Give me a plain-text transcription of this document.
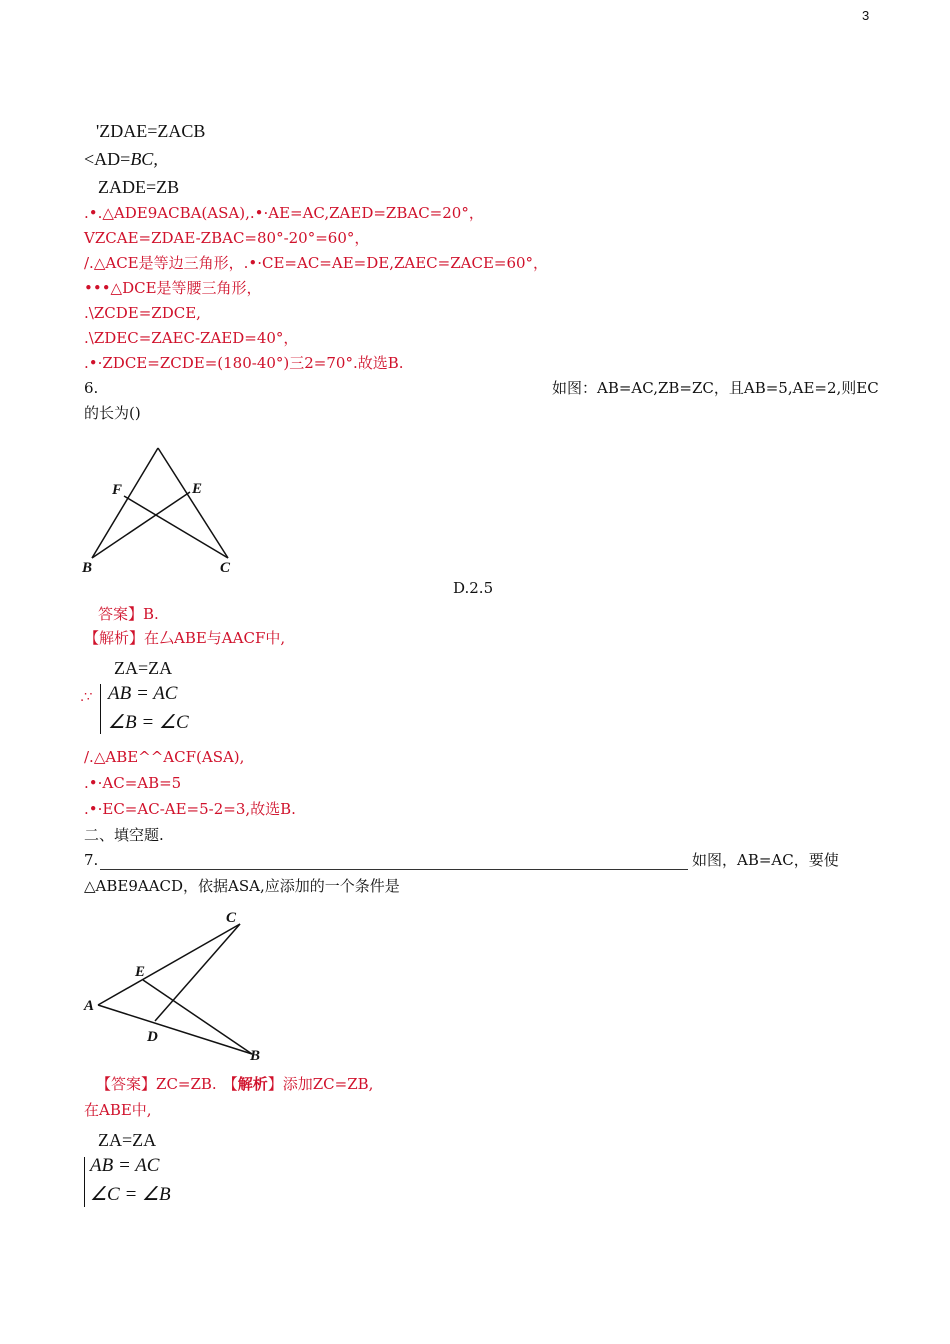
3
'ZDAE=ZACB
<AD=BC,
ZADE=ZB
.•.△ADE9ACBA(ASA),.•·AE=AC,ZAED=ZBAC=20°，
VZCAE=ZDAE-ZBAC=80°-20°=60°，
/.△ACE是等边三角形，.•·CE=AC=AE=DE,ZAEC=ZACE=60°，
•••△DCE是等腰三角形，
.\ZCDE=ZDCE,
.\ZDEC=ZAEC-ZAED=40°，
.•·ZDCE=ZCDE=(180-40°)三2=70°.故选B.
6.	如图：AB=AC,ZB=ZC，且AB=5,AE=2,则EC
的长为()
F	E
B	C
D.2.5
答案】B.
【解析】在厶ABE与AACF中,
ZA=ZA
.∵ AB = AC
∠B = ∠C
/.△ABE^^ACF(ASA),
.•·AC=AB=5
.•·EC=AC-AE=5-2=3,故选B.
二、填空题.
7.	如图，AB=AC，要使
△ABE9AACD，依据ASA,应添加的一个条件是
C
E
A
D
B
【答案】ZC=ZB. 【解析】添加ZC=ZB,
在ABE中,
ZA=ZA
AB = AC
∠C = ∠B
